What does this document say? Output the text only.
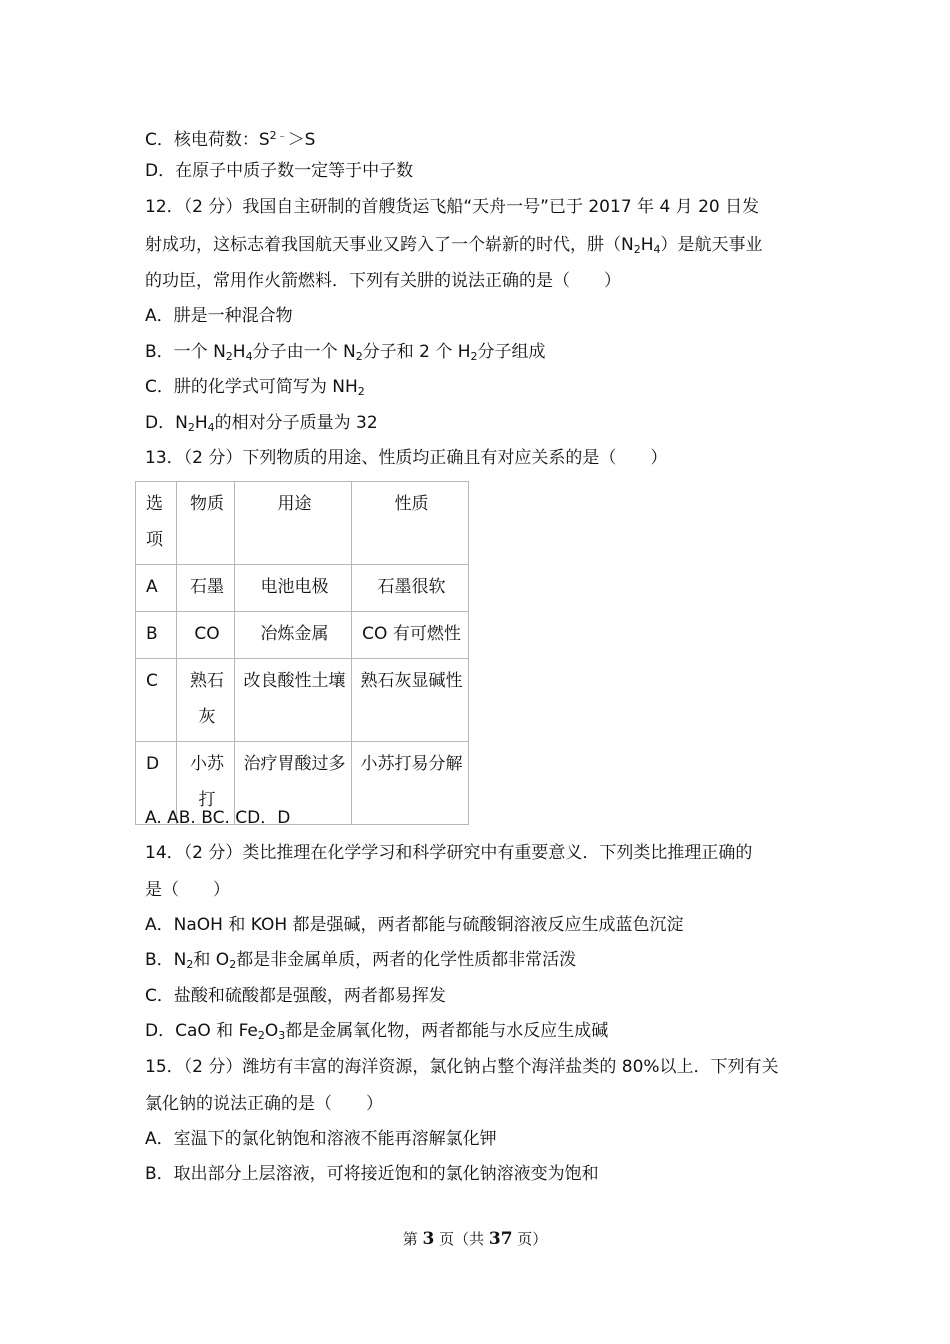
C．核电荷数：$S^{2﹣}>S$
D．在原子中质子数一定等于中子数
12．（2 分）我国自主研制的首艘货运飞船“天舟一号”已于 2017 年 4 月 20 日发
射成功，这标志着我国航天事业又跨入了一个崭新的时代，肼$(N_2H_4)$是航天事业
的功臣，常用作火箭燃料．下列有关肼的说法正确的是（　　）
A．肼是一种混合物
B．一个 $N_2H_4$分子由一个 $N_2$分子和 2 个 $H_2$分子组成
C．肼的化学式可简写为 $NH_2$
D．$N_2H_4$的相对分子质量为 32
13．（2 分）下列物质的用途、性质均正确且有对应关系的是（　　）
选项	物质	用途	性质
A	石墨	电池电极	石墨很软
B	CO	冶炼金属	CO 有可燃性
C	熟石灰	改良酸性土壤	熟石灰显碱性
D	小苏打	治疗胃酸过多	小苏打易分解
A. AB. BC. CD．D
14．（2 分）类比推理在化学学习和科学研究中有重要意义．下列类比推理正确的
是（　　）
A．NaOH 和 KOH 都是强碱，两者都能与硫酸铜溶液反应生成蓝色沉淀
B．$N_2$和 $O_2$都是非金属单质，两者的化学性质都非常活泼
C．盐酸和硫酸都是强酸，两者都易挥发
D．CaO 和 $Fe_2O_3$都是金属氧化物，两者都能与水反应生成碱
15．（2 分）潍坊有丰富的海洋资源，氯化钠占整个海洋盐类的 80%以上．下列有关
氯化钠的说法正确的是（　　）
A．室温下的氯化钠饱和溶液不能再溶解氯化钾
B．取出部分上层溶液，可将接近饱和的氯化钠溶液变为饱和
第 3 页（共 37 页）
